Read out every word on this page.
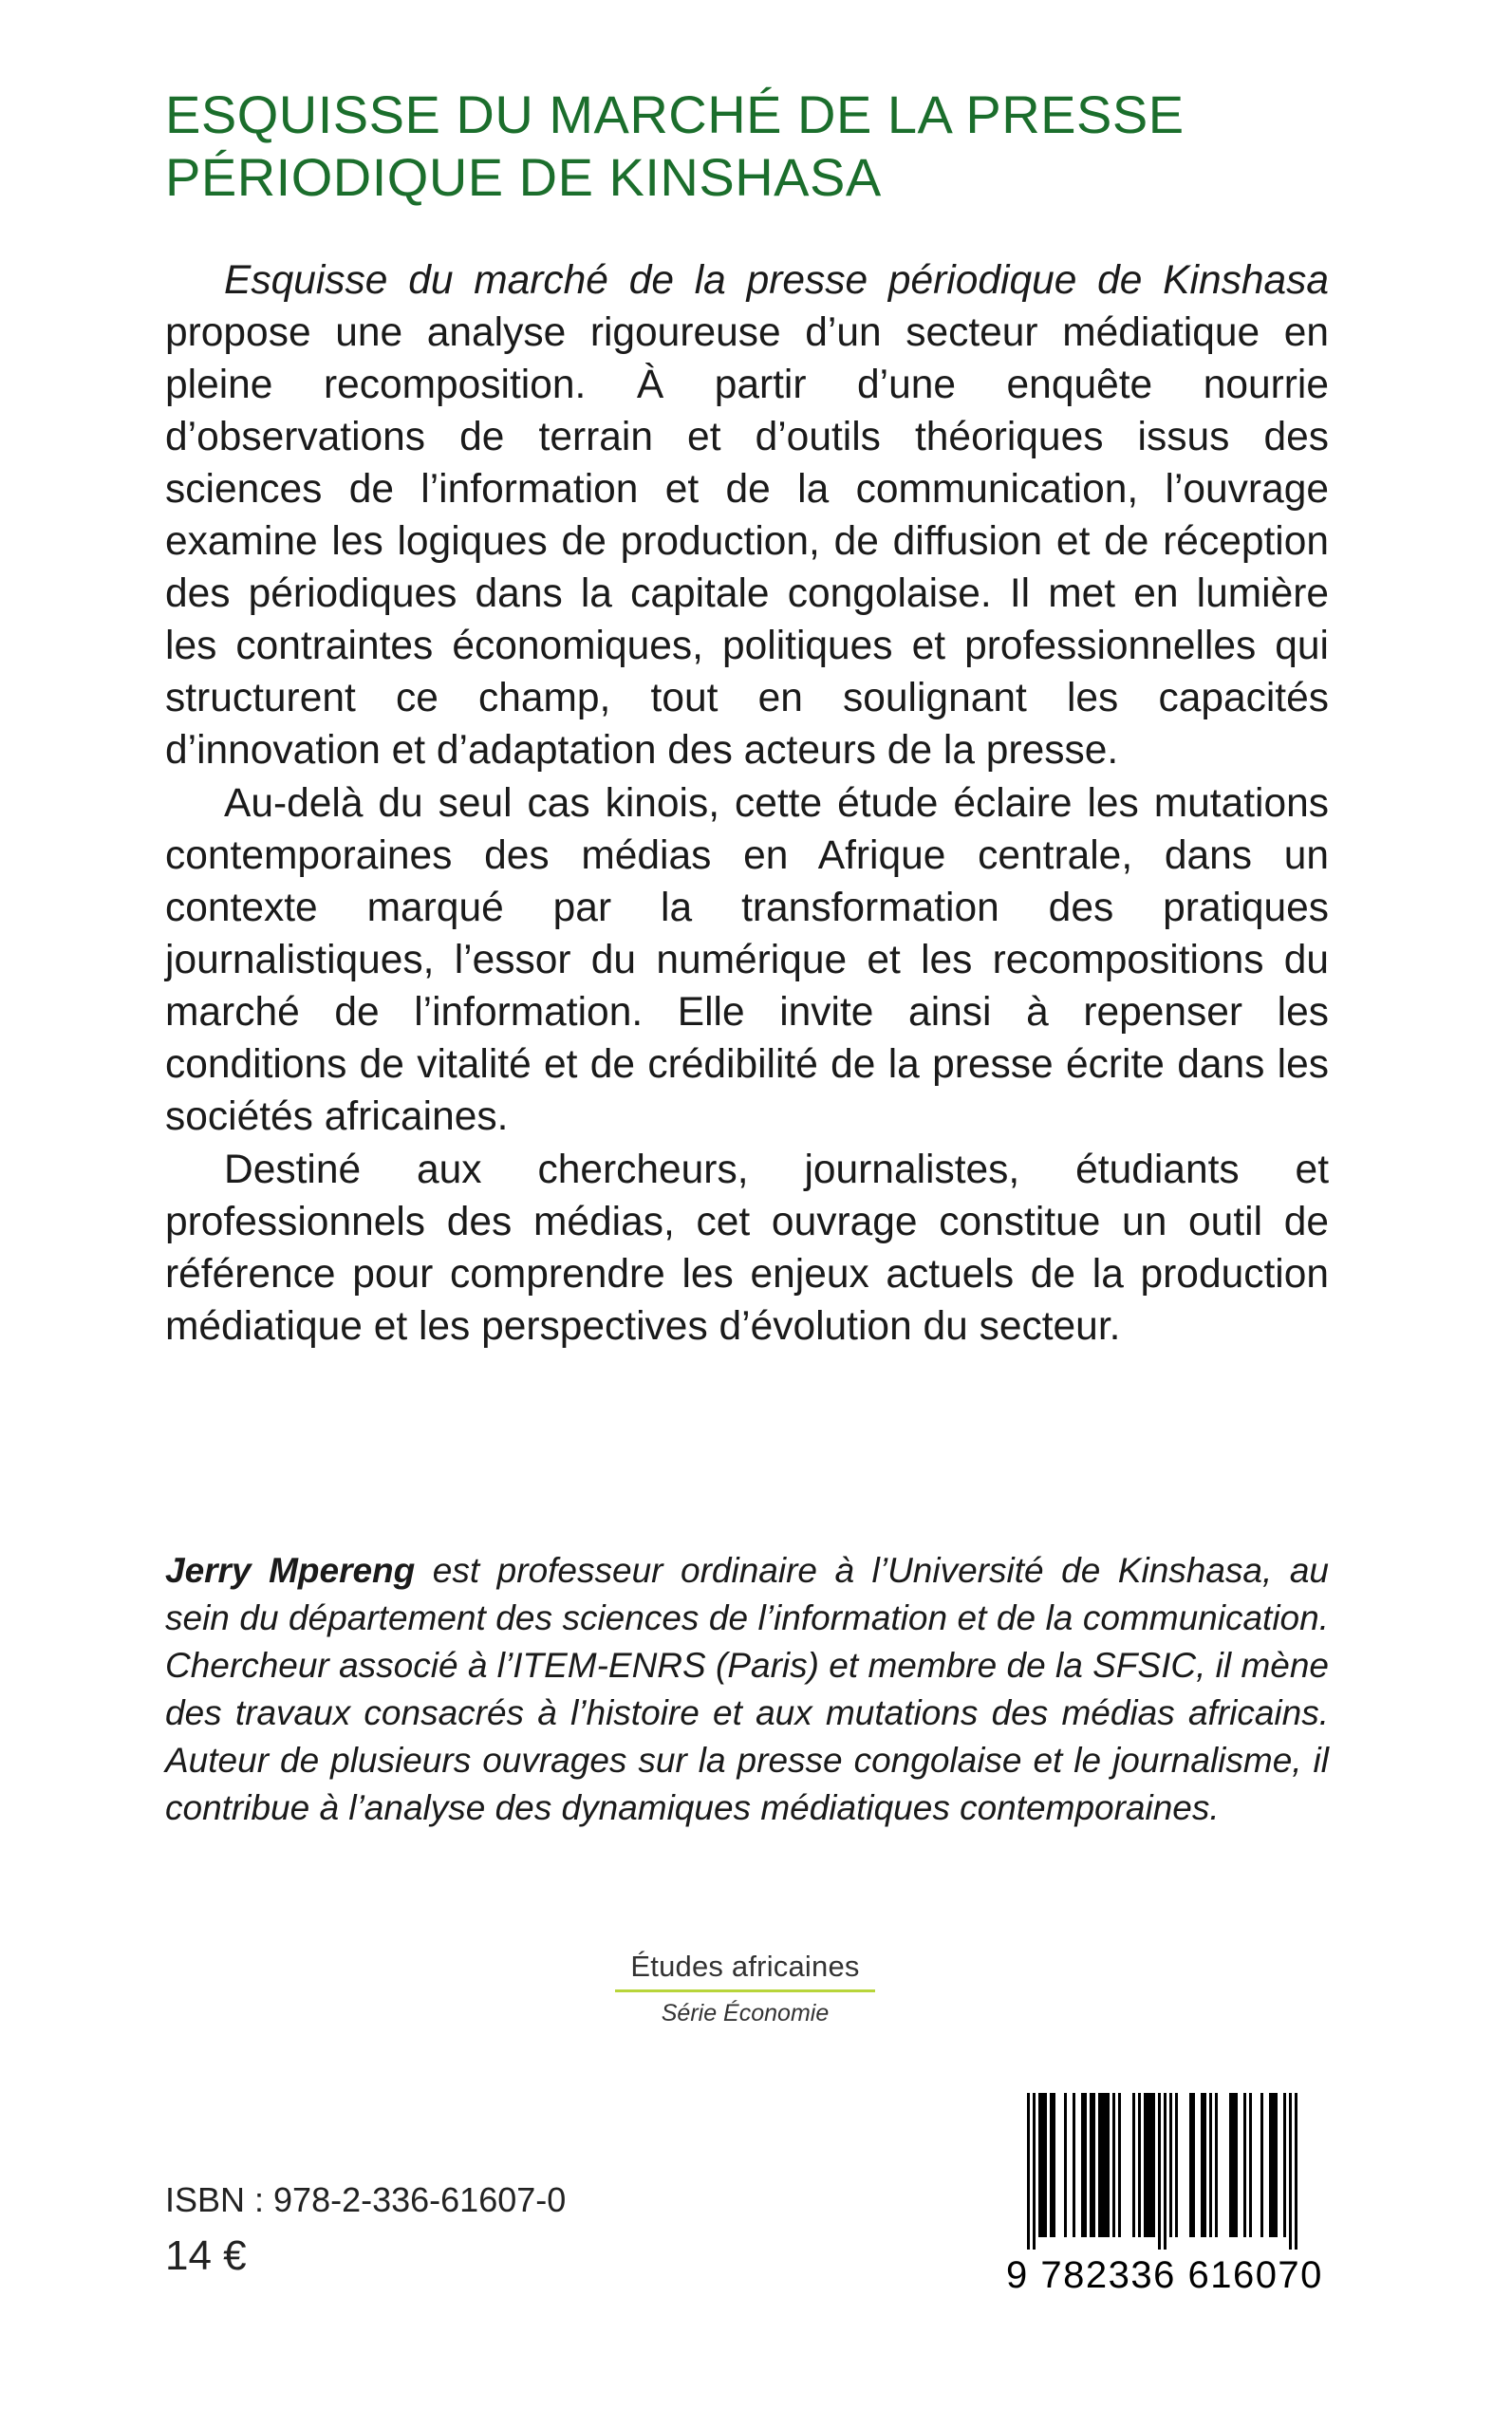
ESQUISSE DU MARCHÉ DE LA PRESSE
PÉRIODIQUE DE KINSHASA

Esquisse du marché de la presse périodique de Kinshasa propose une analyse rigoureuse d’un secteur médiatique en pleine recomposition. À partir d’une enquête nourrie d’observations de terrain et d’outils théoriques issus des sciences de l’information et de la communication, l’ouvrage examine les logiques de production, de diffusion et de réception des périodiques dans la capitale congolaise. Il met en lumière les contraintes économiques, politiques et professionnelles qui structurent ce champ, tout en soulignant les capacités d’innovation et d’adaptation des acteurs de la presse.

Au-delà du seul cas kinois, cette étude éclaire les mutations contemporaines des médias en Afrique centrale, dans un contexte marqué par la transformation des pratiques journalistiques, l’essor du numérique et les recompositions du marché de l’information. Elle invite ainsi à repenser les conditions de vitalité et de crédibilité de la presse écrite dans les sociétés africaines.

Destiné aux chercheurs, journalistes, étudiants et professionnels des médias, cet ouvrage constitue un outil de référence pour comprendre les enjeux actuels de la production médiatique et les perspectives d’évolution du secteur.

Jerry Mpereng est professeur ordinaire à l’Université de Kinshasa, au sein du département des sciences de l’information et de la communication. Chercheur associé à l’ITEM-ENRS (Paris) et membre de la SFSIC, il mène des travaux consacrés à l’histoire et aux mutations des médias africains. Auteur de plusieurs ouvrages sur la presse congolaise et le journalisme, il contribue à l’analyse des dynamiques médiatiques contemporaines.
Études africaines
Série Économie
ISBN : 978-2-336-61607-0
14 €	9 782336 616070
